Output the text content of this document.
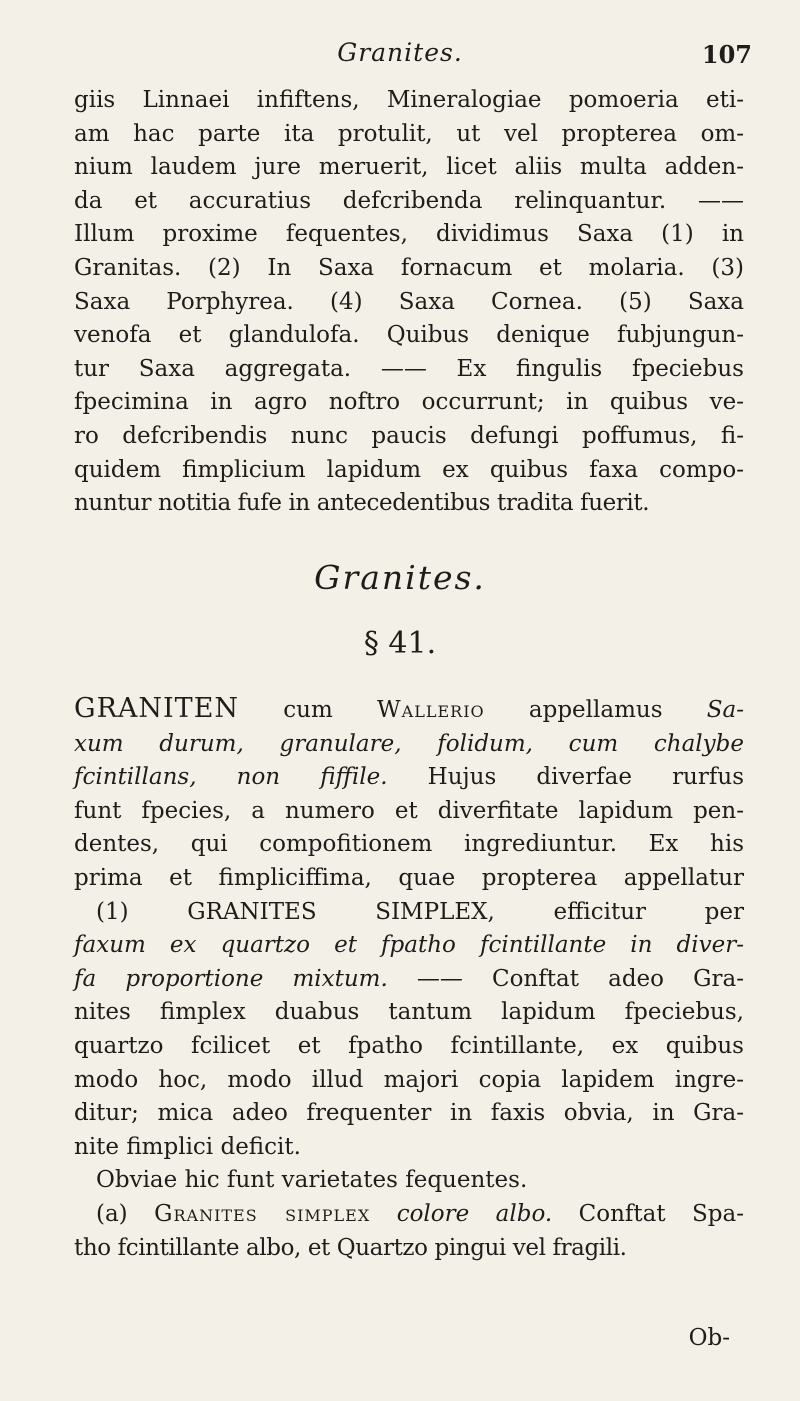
Granites.	107
giis Linnaei infiftens, Mineralogiae pomoeria eti-
am hac parte ita protulit, ut vel propterea om-
nium laudem jure meruerit, licet aliis multa adden-
da et accuratius defcribenda relinquantur. ——
Illum proxime fequentes, dividimus Saxa (1) in
Granitas. (2) In Saxa fornacum et molaria. (3)
Saxa Porphyrea. (4) Saxa Cornea. (5) Saxa
venofa et glandulofa. Quibus denique fubjungun-
tur Saxa aggregata. —— Ex fingulis fpeciebus
fpecimina in agro noftro occurrunt; in quibus ve-
ro defcribendis nunc paucis defungi poffumus, fi-
quidem fimplicium lapidum ex quibus faxa compo-
nuntur notitia fufe in antecedentibus tradita fuerit.
Granites.
§ 41.
GRANITEN cum Wallerio appellamus Sa-
xum durum, granulare, folidum, cum chalybe
fcintillans, non fiffile. Hujus diverfae rurfus
funt fpecies, a numero et diverfitate lapidum pen-
dentes, qui compofitionem ingrediuntur. Ex his
prima et fimpliciffima, quae propterea appellatur
(1) GRANITES SIMPLEX, efficitur per
faxum ex quartzo et fpatho fcintillante in diver-
fa proportione mixtum. —— Conftat adeo Gra-
nites fimplex duabus tantum lapidum fpeciebus,
quartzo fcilicet et fpatho fcintillante, ex quibus
modo hoc, modo illud majori copia lapidem ingre-
ditur; mica adeo frequenter in faxis obvia, in Gra-
nite fimplici deficit.
Obviae hic funt varietates fequentes.
(a) Granites simplex colore albo. Conftat Spa-
tho fcintillante albo, et Quartzo pingui vel fragili.
Ob-
